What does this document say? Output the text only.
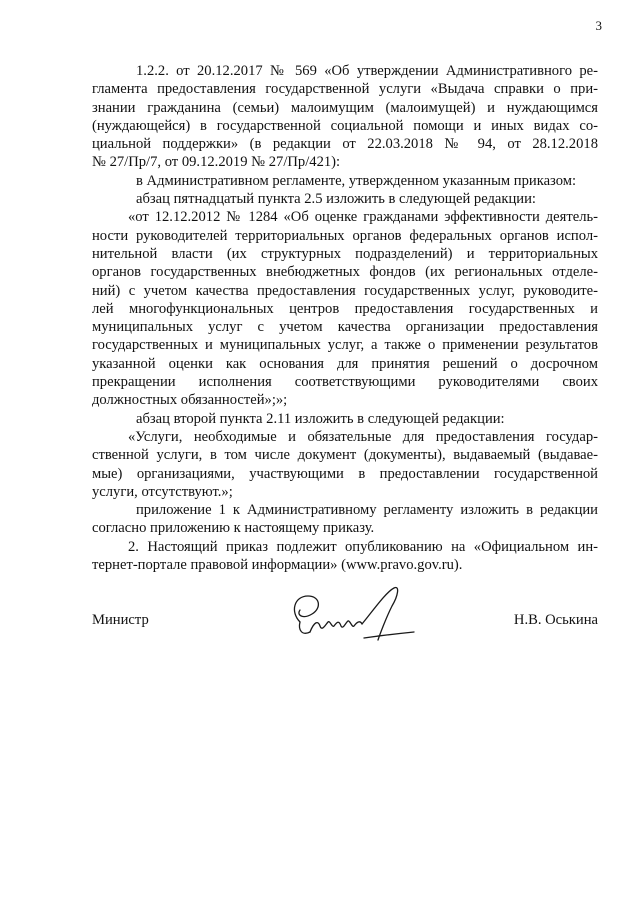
3
1.2.2. от 20.12.2017 № 569 «Об утверждении Административного ре-
гламента предоставления государственной услуги «Выдача справки о при-
знании гражданина (семьи) малоимущим (малоимущей) и нуждающимся
(нуждающейся) в государственной социальной помощи и иных видах со-
циальной поддержки» (в редакции от 22.03.2018 № 94, от 28.12.2018
№ 27/Пр/7, от 09.12.2019 № 27/Пр/421):
в Административном регламенте, утвержденном указанным приказом:
абзац пятнадцатый пункта 2.5 изложить в следующей редакции:
«от 12.12.2012 № 1284 «Об оценке гражданами эффективности деятель-
ности руководителей территориальных органов федеральных органов испол-
нительной власти (их структурных подразделений) и территориальных
органов государственных внебюджетных фондов (их региональных отделе-
ний) с учетом качества предоставления государственных услуг, руководите-
лей многофункциональных центров предоставления государственных и
муниципальных услуг с учетом качества организации предоставления
государственных и муниципальных услуг, а также о применении результатов
указанной оценки как основания для принятия решений о досрочном
прекращении исполнения соответствующими руководителями своих
должностных обязанностей»;»;
абзац второй пункта 2.11 изложить в следующей редакции:
«Услуги, необходимые и обязательные для предоставления государ-
ственной услуги, в том числе документ (документы), выдаваемый (выдавае-
мые) организациями, участвующими в предоставлении государственной
услуги, отсутствуют.»;
приложение 1 к Административному регламенту изложить в редакции
согласно приложению к настоящему приказу.
2. Настоящий приказ подлежит опубликованию на «Официальном ин-
тернет-портале правовой информации» (www.pravo.gov.ru).
Министр	Н.В. Оськина
